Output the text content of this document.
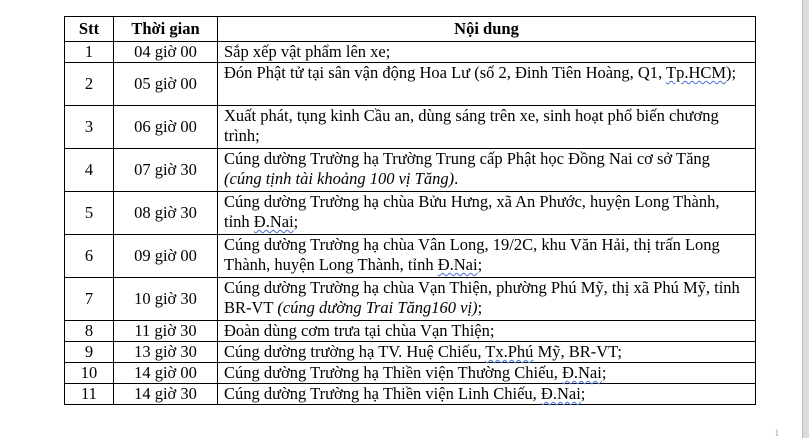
Stt	Thời gian	Nội dung
1	04 giờ 00	Sắp xếp vật phẩm lên xe;
2	05 giờ 00	Đón Phật tử tại sân vận động Hoa Lư (số 2, Đinh Tiên Hoàng, Q1, Tp.HCM);
3	06 giờ 00	Xuất phát, tụng kinh Cầu an, dùng sáng trên xe, sinh hoạt phổ biến chương trình;
4	07 giờ 30	Cúng dường Trường hạ Trường Trung cấp Phật học Đồng Nai cơ sở Tăng (cúng tịnh tài khoảng 100 vị Tăng).
5	08 giờ 30	Cúng dường Trường hạ chùa Bửu Hưng, xã An Phước, huyện Long Thành, tỉnh Đ.Nai;
6	09 giờ 00	Cúng dường Trường hạ chùa Vân Long, 19/2C, khu Văn Hải, thị trấn Long Thành, huyện Long Thành, tỉnh Đ.Nai;
7	10 giờ 30	Cúng dường Trường hạ chùa Vạn Thiện, phường Phú Mỹ, thị xã Phú Mỹ, tỉnh BR-VT (cúng dường Trai Tăng160 vị);
8	11 giờ 30	Đoàn dùng cơm trưa tại chùa Vạn Thiện;
9	13 giờ 30	Cúng dường trường hạ TV. Huệ Chiếu, Tx.Phú Mỹ, BR-VT;
10	14 giờ 00	Cúng dường Trường hạ Thiền viện Thường Chiếu, Đ.Nai;
11	14 giờ 30	Cúng dường Trường hạ Thiền viện Linh Chiếu, Đ.Nai;
1
